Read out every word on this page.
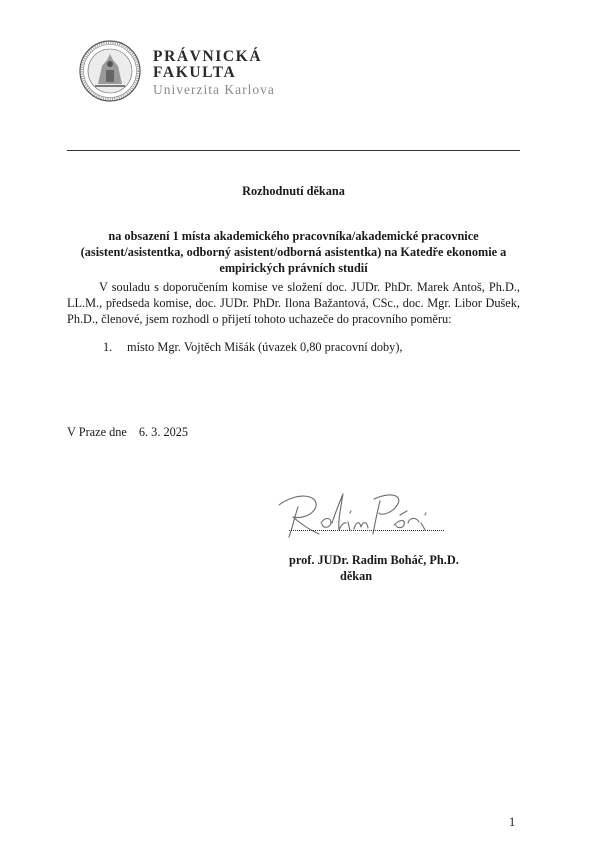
PRÁVNICKÁ
FAKULTA
Univerzita Karlova
Rozhodnutí děkana
na obsazení 1 místa akademického pracovníka/akademické pracovnice (asistent/asistentka, odborný asistent/odborná asistentka) na Katedře ekonomie a empirických právních studií
V souladu s doporučením komise ve složení doc. JUDr. PhDr. Marek Antoš, Ph.D., LL.M., předseda komise, doc. JUDr. PhDr. Ilona Bažantová, CSc., doc. Mgr. Libor Dušek, Ph.D., členové, jsem rozhodl o přijetí tohoto uchazeče do pracovního poměru:
1. místo Mgr. Vojtěch Mišák (úvazek 0,80 pracovní doby),
V Praze dne 6. 3. 2025
prof. JUDr. Radim Boháč, Ph.D.
děkan
1
